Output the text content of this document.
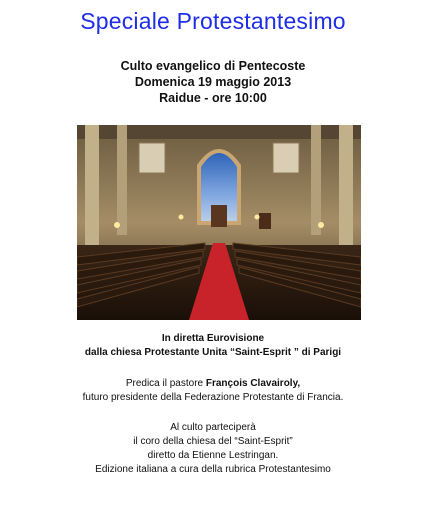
Speciale Protestantesimo
Culto evangelico di Pentecoste
Domenica 19 maggio 2013
Raidue - ore 10:00
In diretta Eurovisione
dalla chiesa Protestante Unita “Saint-Esprit ” di Parigi
Predica il pastore François Clavairoly,
futuro presidente della Federazione Protestante di Francia.
Al culto parteciperà
il coro della chiesa del “Saint-Esprit”
diretto da Etienne Lestringan.
Edizione italiana a cura della rubrica Protestantesimo
